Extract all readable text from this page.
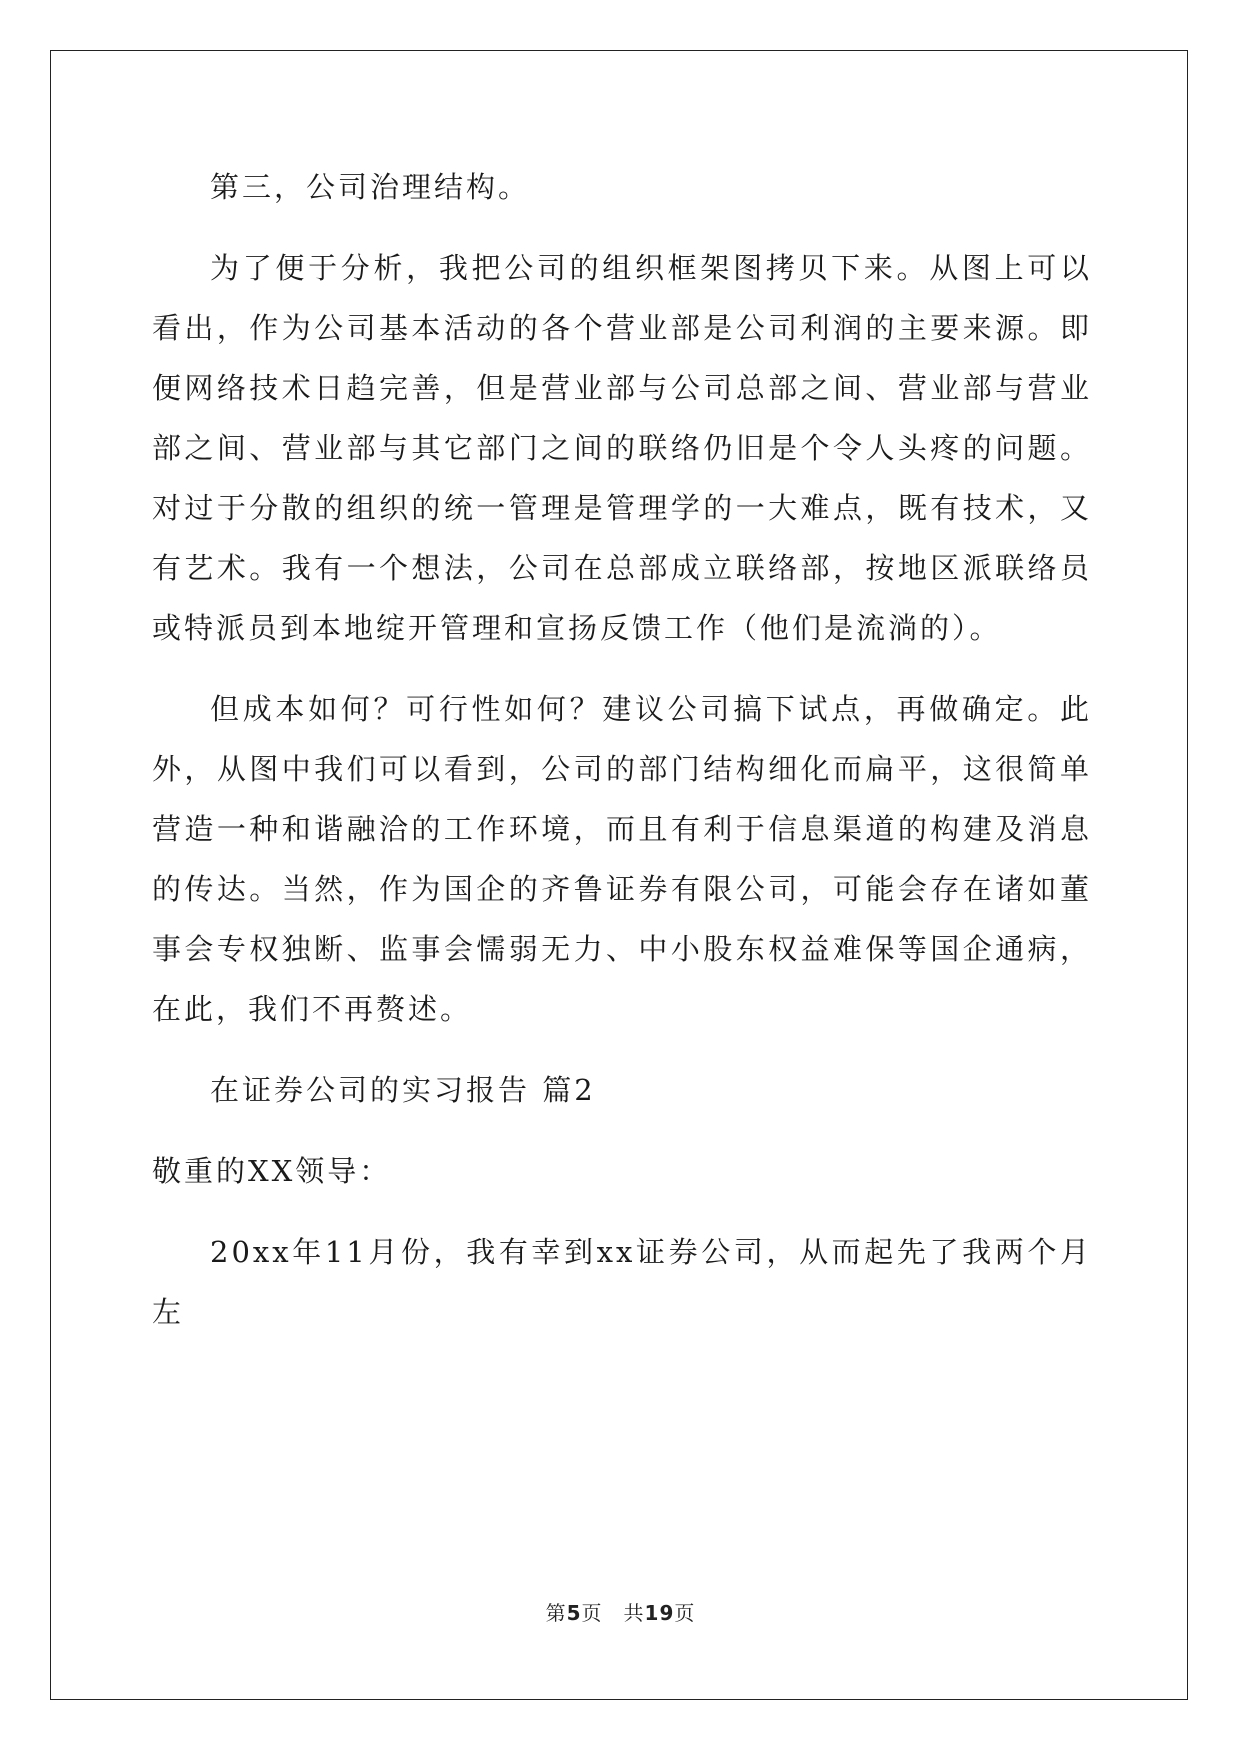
第三，公司治理结构。

为了便于分析，我把公司的组织框架图拷贝下来。从图上可以看出，作为公司基本活动的各个营业部是公司利润的主要来源。即便网络技术日趋完善，但是营业部与公司总部之间、营业部与营业部之间、营业部与其它部门之间的联络仍旧是个令人头疼的问题。对过于分散的组织的统一管理是管理学的一大难点，既有技术，又有艺术。我有一个想法，公司在总部成立联络部，按地区派联络员或特派员到本地绽开管理和宣扬反馈工作（他们是流淌的）。

但成本如何？可行性如何？建议公司搞下试点，再做确定。此外，从图中我们可以看到，公司的部门结构细化而扁平，这很简单营造一种和谐融洽的工作环境，而且有利于信息渠道的构建及消息的传达。当然，作为国企的齐鲁证券有限公司，可能会存在诸如董事会专权独断、监事会懦弱无力、中小股东权益难保等国企通病，在此，我们不再赘述。

在证券公司的实习报告 篇2

敬重的XX领导：

20xx年11月份，我有幸到xx证券公司，从而起先了我两个月左

第5页　共19页
